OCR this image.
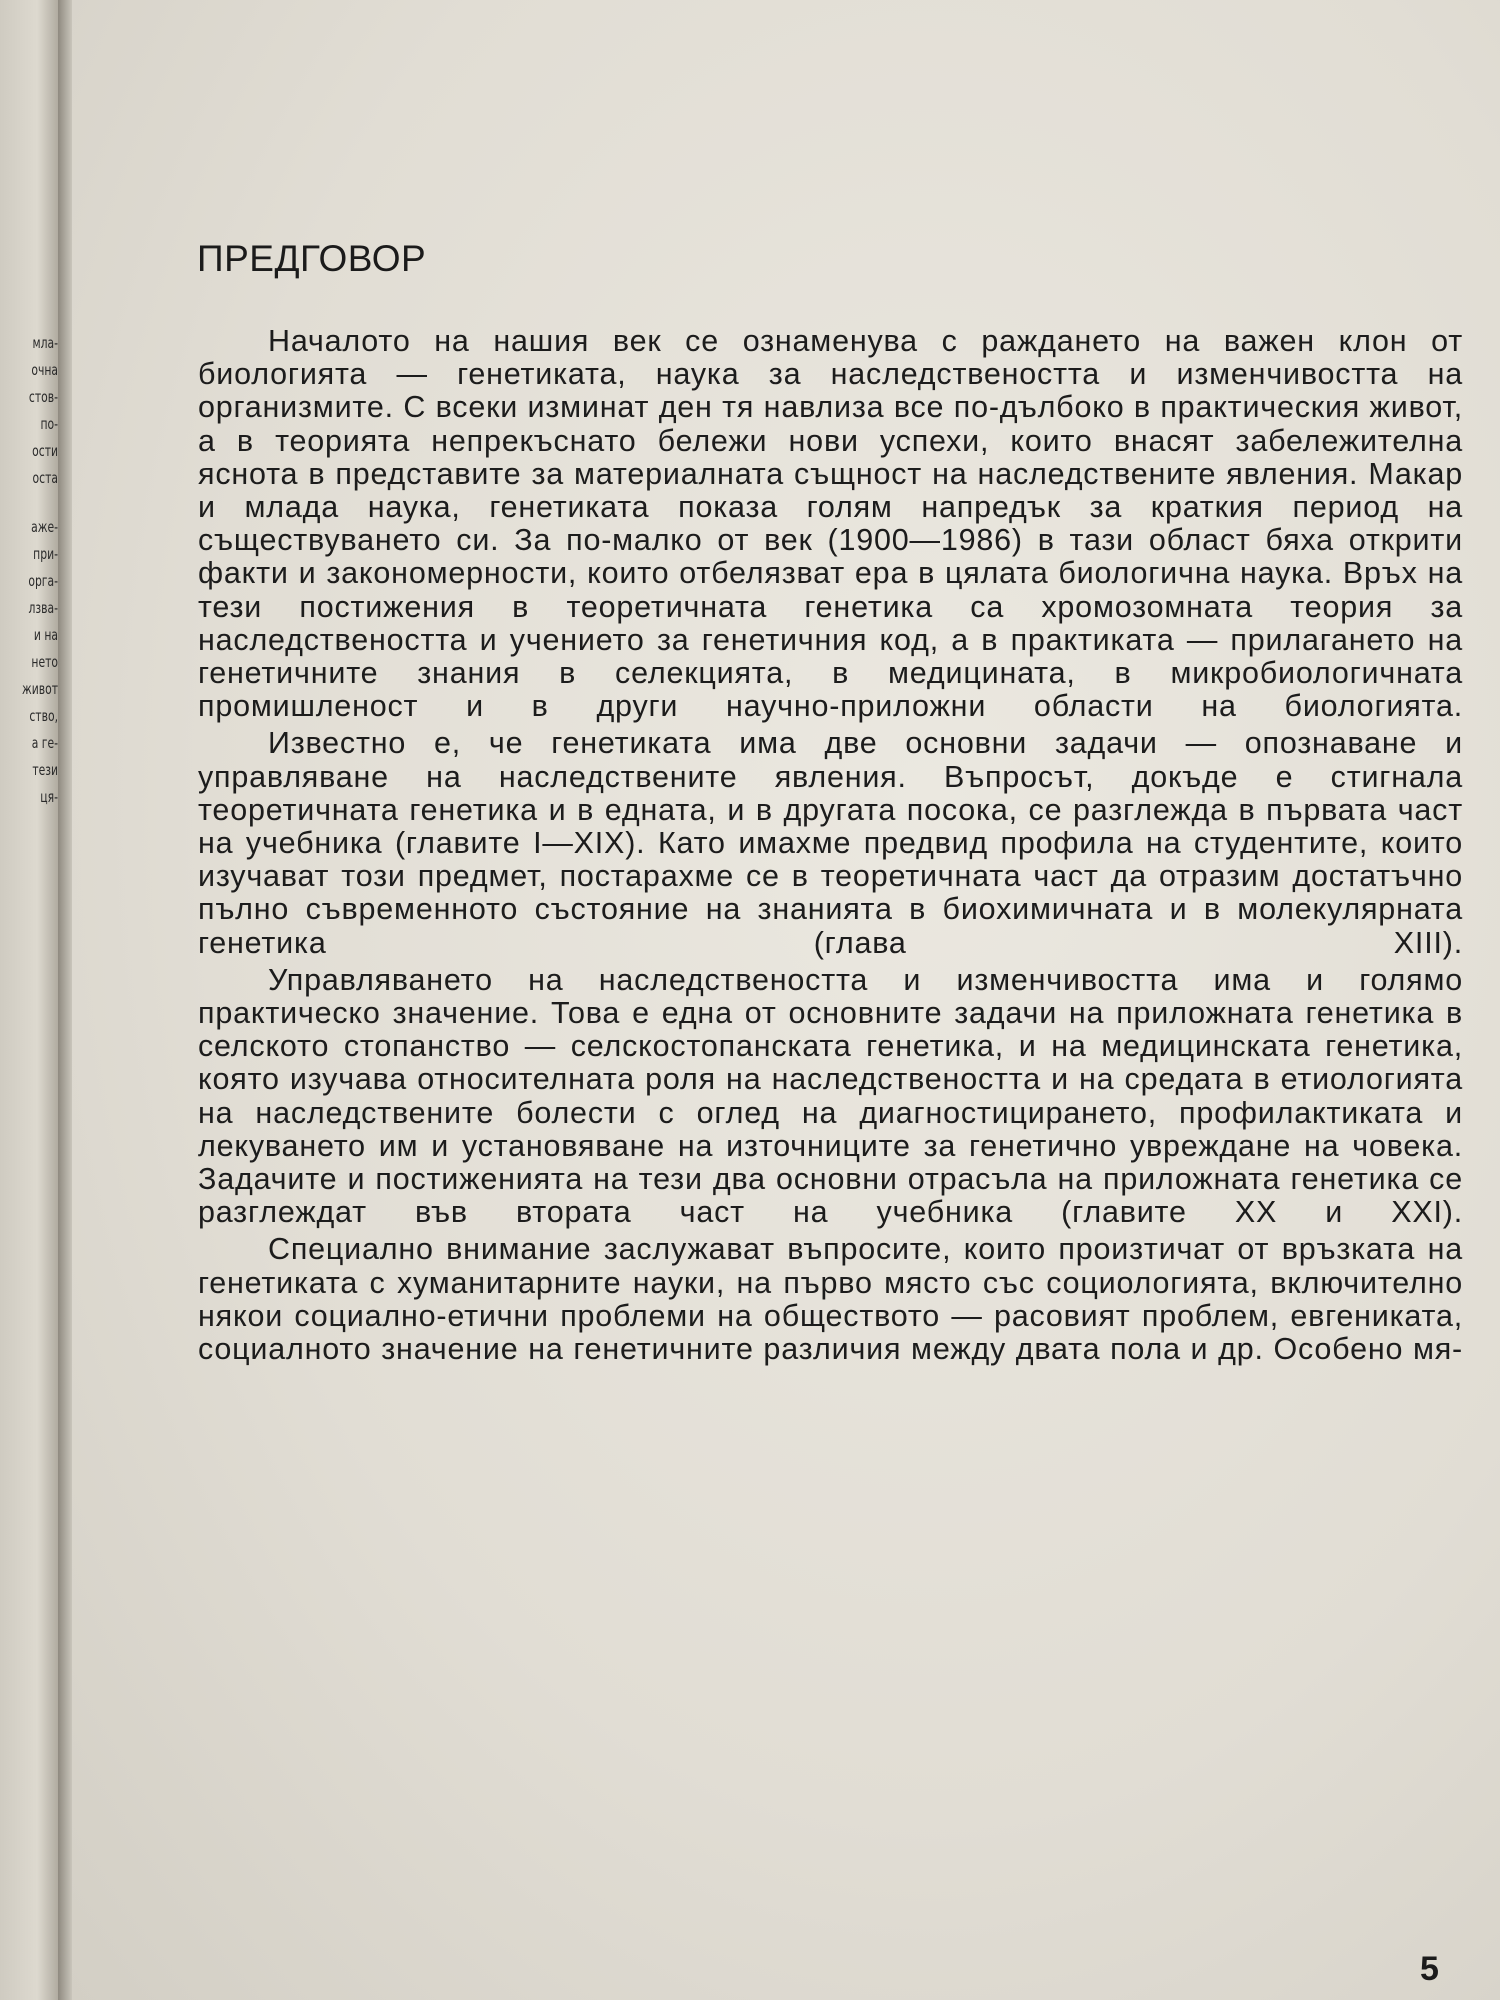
мла-
очна
стов-
по-
ости
оста
аже-
при-
орга-
лзва-
и на
нето
живот
ство,
а ге-
тези
ця-
ПРЕДГОВОР

Началото на нашия век се ознаменува с раждането на важен клон от биологията — генетиката, наука за наследствеността и изменчивостта на организмите. С всеки изминат ден тя навлиза все по-дълбоко в практическия живот, а в теорията непрекъснато бележи нови успехи, които внасят забележителна яснота в представите за материалната същност на наследствените явления. Макар и млада наука, генетиката показа голям напредък за краткия период на съществуването си. За по-малко от век (1900—1986) в тази област бяха открити факти и закономерности, които отбелязват ера в цялата биологична наука. Връх на тези постижения в теоретичната генетика са хромозомната теория за наследствеността и учението за генетичния код, а в практиката — прилагането на генетичните знания в селекцията, в медицината, в микробиологичната промишленост и в други научно-приложни области на биологията.

Известно е, че генетиката има две основни задачи — опознаване и управляване на наследствените явления. Въпросът, докъде е стигнала теоретичната генетика и в едната, и в другата посока, се разглежда в първата част на учебника (главите I—XIX). Като имахме предвид профила на студентите, които изучават този предмет, постарахме се в теоретичната част да отразим достатъчно пълно съвременното състояние на знанията в биохимичната и в молекулярната генетика (глава XIII).

Управляването на наследствеността и изменчивостта има и голямо практическо значение. Това е една от основните задачи на приложната генетика в селското стопанство — селскостопанската генетика, и на медицинската генетика, която изучава относителната роля на наследствеността и на средата в етиологията на наследствените болести с оглед на диагностицирането, профилактиката и лекуването им и установяване на източниците за генетично увреждане на човека. Задачите и постиженията на тези два основни отрасъла на приложната генетика се разглеждат във втората част на учебника (главите XX и XXI).

Специално внимание заслужават въпросите, които произтичат от връзката на генетиката с хуманитарните науки, на първо място със социологията, включително някои социално-етични проблеми на обществото — расовият проблем, евгениката, социалното значение на генетичните различия между двата пола и др. Особено мя-

5
